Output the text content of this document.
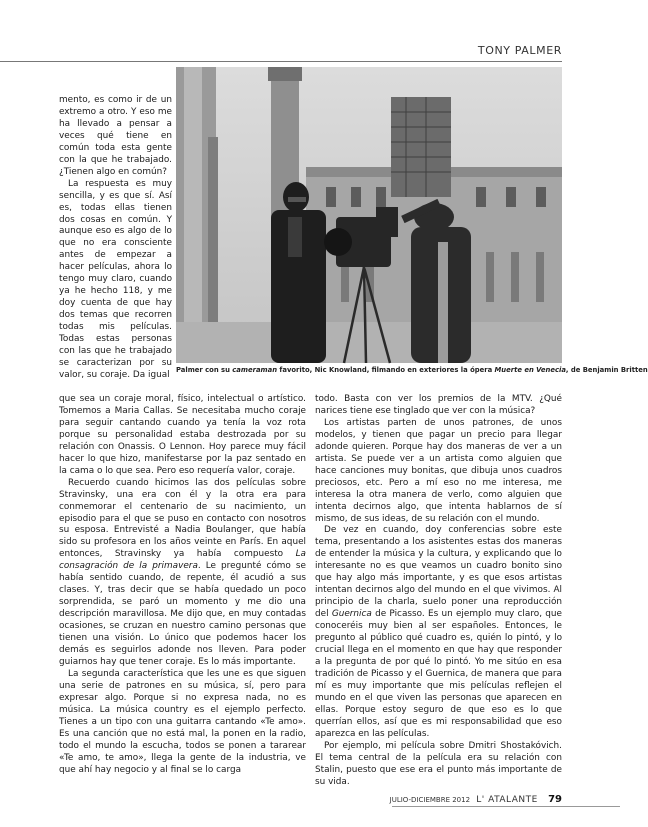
TONY PALMER

mento, es como ir de un extremo a otro. Y eso me ha llevado a pensar a veces qué tiene en común toda esta gente con la que he trabajado. ¿Tienen algo en común?

La respuesta es muy sencilla, y es que sí. Así es, todas ellas tienen dos cosas en común. Y aunque eso es algo de lo que no era consciente antes de empezar a hacer películas, ahora lo tengo muy claro, cuando ya he hecho 118, y me doy cuenta de que hay dos temas que recorren todas mis películas. Todas estas personas con las que he trabajado se caracterizan por su valor, su coraje. Da igual Palmer con su cameraman favorito, Nic Knowland, filmando en exteriores la ópera Muerte en Venecia, de Benjamin Britten

que sea un coraje moral, físico, intelectual o artístico. Tomemos a Maria Callas. Se necesitaba mucho coraje para seguir cantando cuando ya tenía la voz rota porque su personalidad estaba destrozada por su relación con Onassis. O Lennon. Hoy parece muy fácil hacer lo que hizo, manifestarse por la paz sentado en la cama o lo que sea. Pero eso requería valor, coraje.

Recuerdo cuando hicimos las dos películas sobre Stravinsky, una era con él y la otra era para conmemorar el centenario de su nacimiento, un episodio para el que se puso en contacto con nosotros su esposa. Entrevisté a Nadia Boulanger, que había sido su profesora en los años veinte en París. En aquel entonces, Stravinsky ya había compuesto La consagración de la primavera. Le pregunté cómo se había sentido cuando, de repente, él acudió a sus clases. Y, tras decir que se había quedado un poco sorprendida, se paró un momento y me dio una descripción maravillosa. Me dijo que, en muy contadas ocasiones, se cruzan en nuestro camino personas que tienen una visión. Lo único que podemos hacer los demás es seguirlos adonde nos lleven. Para poder guiarnos hay que tener coraje. Es lo más importante.

La segunda característica que les une es que siguen una serie de patrones en su música, sí, pero para expresar algo. Porque si no expresa nada, no es música. La música country es el ejemplo perfecto. Tienes a un tipo con una guitarra cantando «Te amo». Es una canción que no está mal, la ponen en la radio, todo el mundo la escucha, todos se ponen a tararear «Te amo, te amo», llega la gente de la industria, ve que ahí hay negocio y al final se lo carga

todo. Basta con ver los premios de la MTV. ¿Qué narices tiene ese tinglado que ver con la música?

Los artistas parten de unos patrones, de unos modelos, y tienen que pagar un precio para llegar adonde quieren. Porque hay dos maneras de ver a un artista. Se puede ver a un artista como alguien que hace canciones muy bonitas, que dibuja unos cuadros preciosos, etc. Pero a mí eso no me interesa, me interesa la otra manera de verlo, como alguien que intenta decirnos algo, que intenta hablarnos de sí mismo, de sus ideas, de su relación con el mundo.

De vez en cuando, doy conferencias sobre este tema, presentando a los asistentes estas dos maneras de entender la música y la cultura, y explicando que lo interesante no es que veamos un cuadro bonito sino que hay algo más importante, y es que esos artistas intentan decirnos algo del mundo en el que vivimos. Al principio de la charla, suelo poner una reproducción del Guernica de Picasso. Es un ejemplo muy claro, que conoceréis muy bien al ser españoles. Entonces, le pregunto al público qué cuadro es, quién lo pintó, y lo crucial llega en el momento en que hay que responder a la pregunta de por qué lo pintó. Yo me sitúo en esa tradición de Picasso y el Guernica, de manera que para mí es muy importante que mis películas reflejen el mundo en el que viven las personas que aparecen en ellas. Porque estoy seguro de que eso es lo que querrían ellos, así que es mi responsabilidad que eso aparezca en las películas.

Por ejemplo, mi película sobre Dmitri Shostakóvich. El tema central de la película era su relación con Stalin, puesto que ese era el punto más importante de su vida.

JULIO-DICIEMBRE 2012 L' ATALANTE 79
